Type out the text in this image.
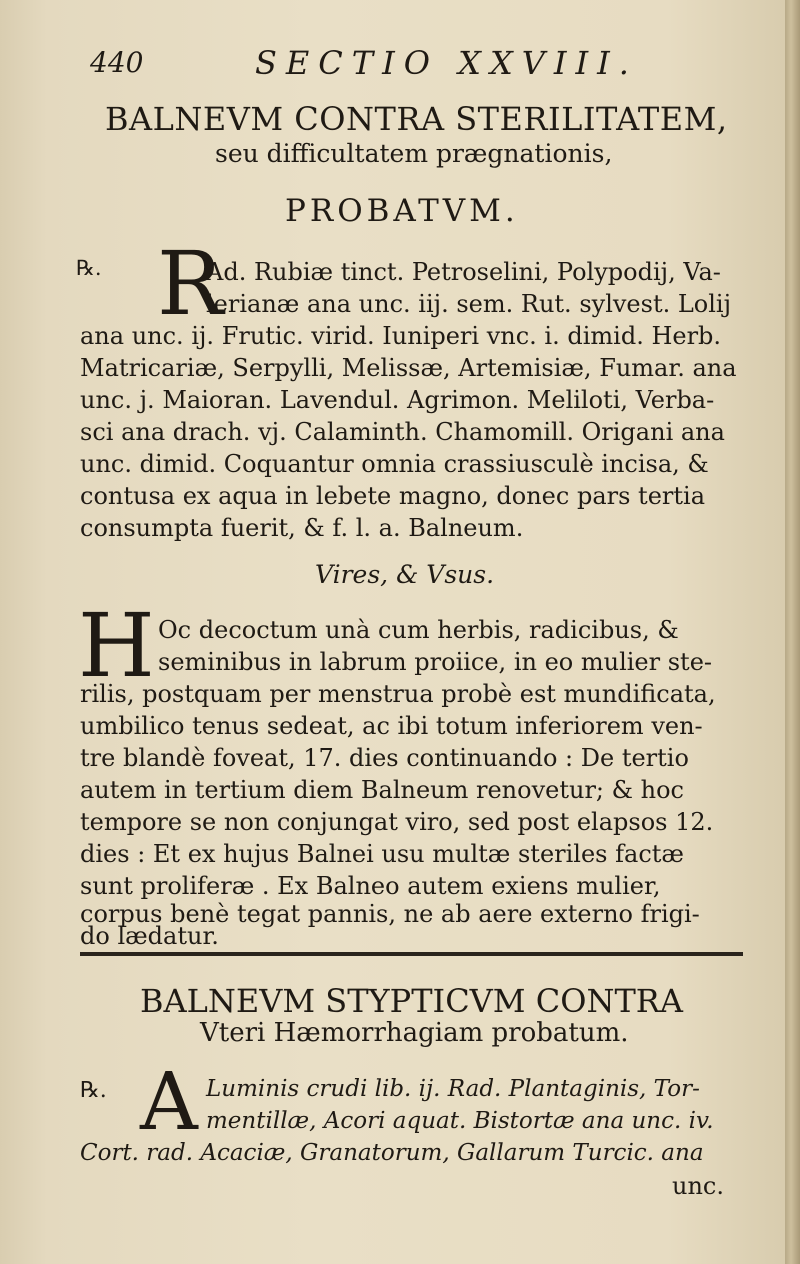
440	SECTIO XXVIII.
BALNEVM CONTRA STERILITATEM,
seu difficultatem prægnationis,
PROBATVM.
℞. R
Ad. Rubiæ tinct. Petroselini, Polypodij, Va-
lerianæ ana unc. iij. sem. Rut. sylvest. Lolij
ana unc. ij. Frutic. virid. Iuniperi vnc. i. dimid. Herb.
Matricariæ, Serpylli, Melissæ, Artemisiæ, Fumar. ana
unc. j. Maioran. Lavendul. Agrimon. Meliloti, Verba-
sci ana drach. vj. Calaminth. Chamomill. Origani ana
unc. dimid. Coquantur omnia crassiusculè incisa, &
contusa ex aqua in lebete magno, donec pars tertia
consumpta fuerit, & f. l. a. Balneum.
Vires, & Vsus.
H Oc decoctum unà cum herbis, radicibus, &
seminibus in labrum proiice, in eo mulier ste-
rilis, postquam per menstrua probè est mundificata,
umbilico tenus sedeat, ac ibi totum inferiorem ven-
tre blandè foveat, 17. dies continuando : De tertio
autem in tertium diem Balneum renovetur; & hoc
tempore se non conjungat viro, sed post elapsos 12.
dies : Et ex hujus Balnei usu multæ steriles factæ
sunt proliferæ . Ex Balneo autem exiens mulier,
corpus benè tegat pannis, ne ab aere externo frigi-
do lædatur.
BALNEVM STYPTICVM CONTRA
Vteri Hæmorrhagiam probatum.
℞. A Luminis crudi lib. ij. Rad. Plantaginis, Tor-
mentillæ, Acori aquat. Bistortæ ana unc. iv.
Cort. rad. Acaciæ, Granatorum, Gallarum Turcic. ana
unc.
